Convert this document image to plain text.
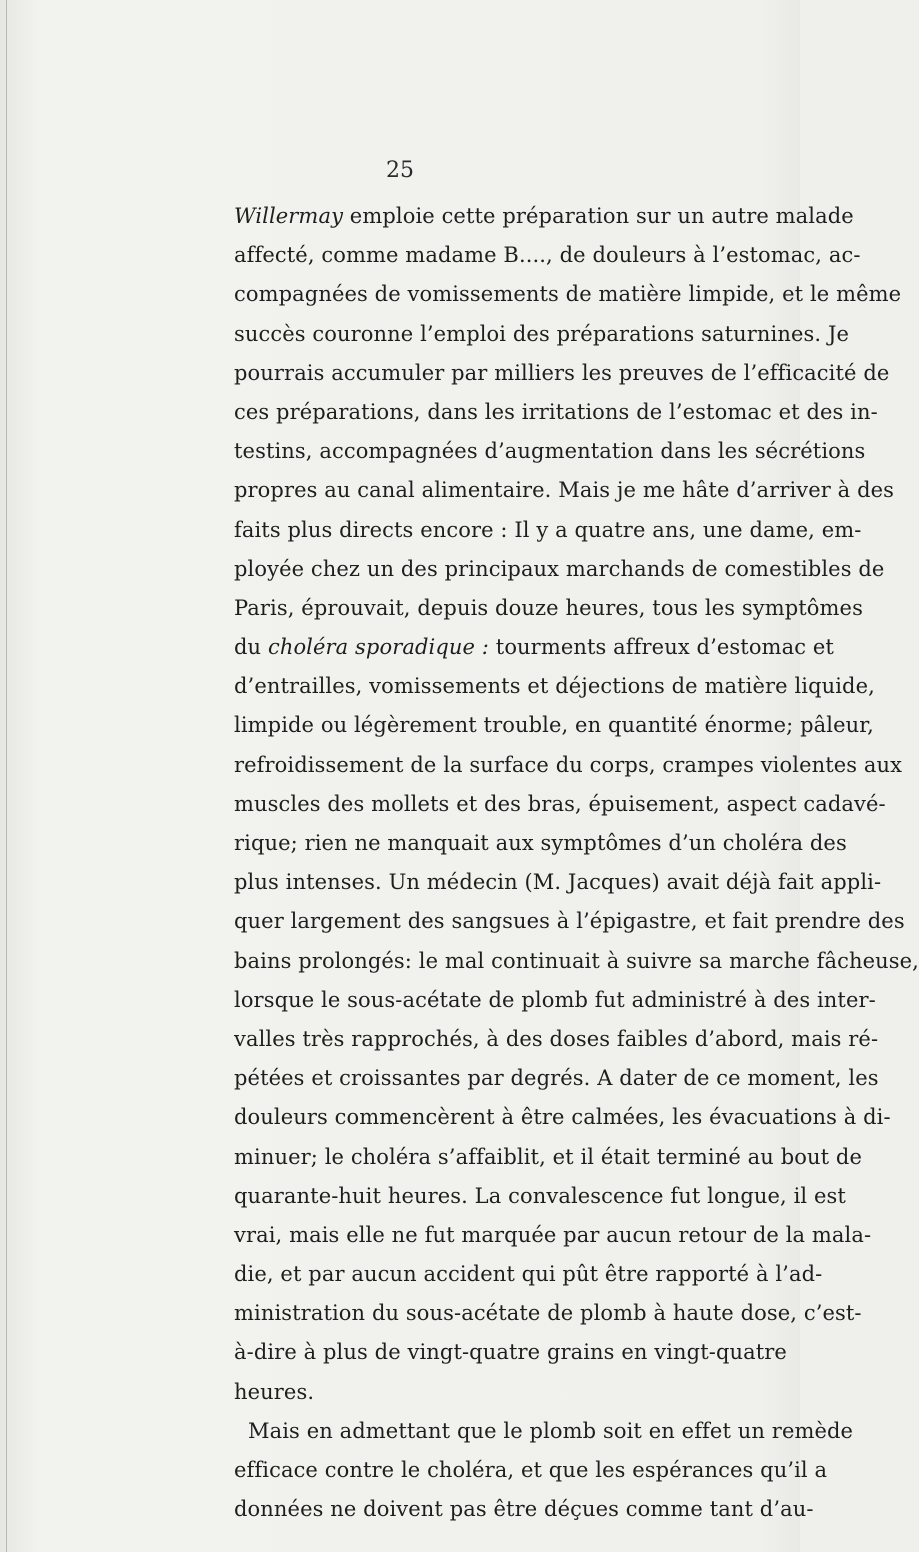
25
Willermay emploie cette préparation sur un autre malade
affecté, comme madame B...., de douleurs à l’estomac, ac-
compagnées de vomissements de matière limpide, et le même
succès couronne l’emploi des préparations saturnines. Je
pourrais accumuler par milliers les preuves de l’efficacité de
ces préparations, dans les irritations de l’estomac et des in-
testins, accompagnées d’augmentation dans les sécrétions
propres au canal alimentaire. Mais je me hâte d’arriver à des
faits plus directs encore : Il y a quatre ans, une dame, em-
ployée chez un des principaux marchands de comestibles de
Paris, éprouvait, depuis douze heures, tous les symptômes
du choléra sporadique : tourments affreux d’estomac et
d’entrailles, vomissements et déjections de matière liquide,
limpide ou légèrement trouble, en quantité énorme; pâleur,
refroidissement de la surface du corps, crampes violentes aux
muscles des mollets et des bras, épuisement, aspect cadavé-
rique; rien ne manquait aux symptômes d’un choléra des
plus intenses. Un médecin (M. Jacques) avait déjà fait appli-
quer largement des sangsues à l’épigastre, et fait prendre des
bains prolongés: le mal continuait à suivre sa marche fâcheuse,
lorsque le sous-acétate de plomb fut administré à des inter-
valles très rapprochés, à des doses faibles d’abord, mais ré-
pétées et croissantes par degrés. A dater de ce moment, les
douleurs commencèrent à être calmées, les évacuations à di-
minuer; le choléra s’affaiblit, et il était terminé au bout de
quarante-huit heures. La convalescence fut longue, il est
vrai, mais elle ne fut marquée par aucun retour de la mala-
die, et par aucun accident qui pût être rapporté à l’ad-
ministration du sous-acétate de plomb à haute dose, c’est-
à-dire à plus de vingt-quatre grains en vingt-quatre
heures.
Mais en admettant que le plomb soit en effet un remède
efficace contre le choléra, et que les espérances qu’il a
données ne doivent pas être déçues comme tant d’au-
